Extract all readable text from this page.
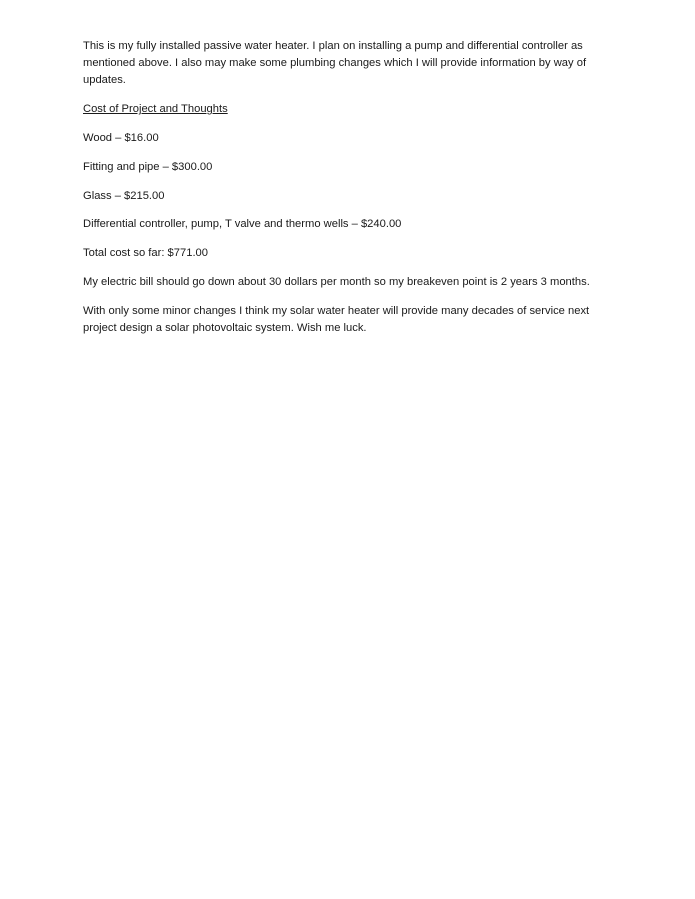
This is my fully installed passive water heater. I plan on installing a pump and differential controller as mentioned above. I also may make some plumbing changes which I will provide information by way of updates.

Cost of Project and Thoughts

Wood – $16.00

Fitting and pipe – $300.00

Glass – $215.00

Differential controller, pump, T valve and thermo wells – $240.00

Total cost so far: $771.00

My electric bill should go down about 30 dollars per month so my breakeven point is 2 years 3 months.

With only some minor changes I think my solar water heater will provide many decades of service next project design a solar photovoltaic system. Wish me luck.
